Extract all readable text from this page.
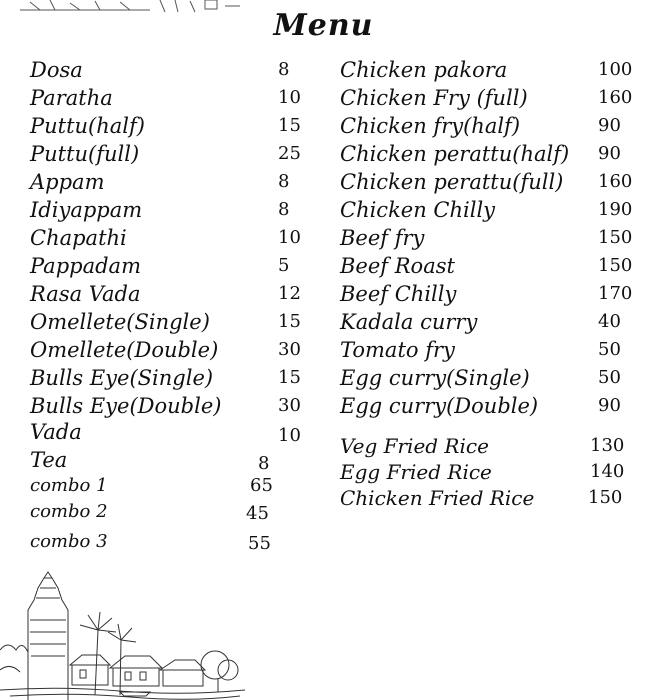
Menu
Dosa	8
Paratha	10
Puttu(half)	15
Puttu(full)	25
Appam	8
Idiyappam	8
Chapathi	10
Pappadam	5
Rasa Vada	12
Omellete(Single)	15
Omellete(Double)	30
Bulls Eye(Single)	15
Bulls Eye(Double)	30
Vada	10
Tea	8
combo 1	65
combo 2	45
combo 3	55
Chicken pakora	100
Chicken Fry (full)	160
Chicken fry(half)	90
Chicken perattu(half) 90
Chicken perattu(full) 160
Chicken Chilly	190
Beef fry	150
Beef Roast	150
Beef Chilly	170
Kadala curry	40
Tomato fry	50
Egg curry(Single)	50
Egg curry(Double)	90
Veg Fried Rice	130
Egg Fried Rice	140
Chicken Fried Rice	150
